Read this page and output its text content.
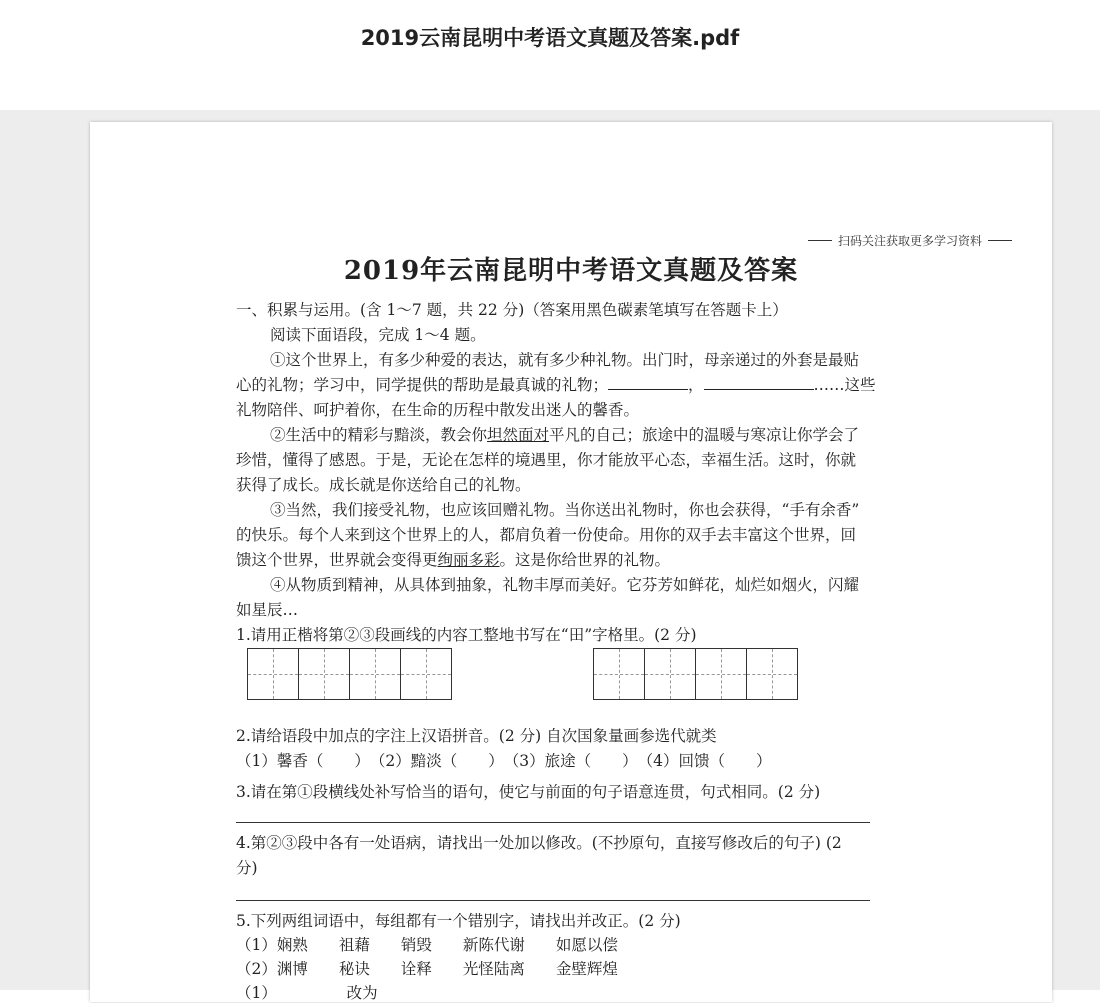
2019云南昆明中考语文真题及答案.pdf
扫码关注获取更多学习资料
2019年云南昆明中考语文真题及答案
一、积累与运用。(含 1～7 题，共 22 分)（答案用黑色碳素笔填写在答题卡上）
阅读下面语段，完成 1～4 题。
①这个世界上，有多少种爱的表达，就有多少种礼物。出门时，母亲递过的外套是最贴
心的礼物；学习中，同学提供的帮助是最真诚的礼物；	，	……这些
礼物陪伴、呵护着你，在生命的历程中散发出迷人的馨香。
②生活中的精彩与黯淡，教会你坦然面对平凡的自己；旅途中的温暖与寒凉让你学会了
珍惜，懂得了感恩。于是，无论在怎样的境遇里，你才能放平心态，幸福生活。这时，你就
获得了成长。成长就是你送给自己的礼物。
③当然，我们接受礼物，也应该回赠礼物。当你送出礼物时，你也会获得，“手有余香”
的快乐。每个人来到这个世界上的人，都肩负着一份使命。用你的双手去丰富这个世界，回
馈这个世界，世界就会变得更绚丽多彩。这是你给世界的礼物。
④从物质到精神，从具体到抽象，礼物丰厚而美好。它芬芳如鲜花，灿烂如烟火，闪耀
如星辰…
1.请用正楷将第②③段画线的内容工整地书写在“田”字格里。(2 分)
2.请给语段中加点的字注上汉语拼音。(2 分) 自次国象量画参选代就类
（1）馨香（　　）　（2）黯淡（　　）　（3）旅途（　　）　（4）回馈（　　）
3.请在第①段横线处补写恰当的语句，使它与前面的句子语意连贯，句式相同。(2 分)
4.第②③段中各有一处语病，请找出一处加以修改。(不抄原句，直接写修改后的句子) (2
分)
5.下列两组词语中，每组都有一个错别字，请找出并改正。(2 分)
（1）娴熟　　祖藉　　销毁　　新陈代谢　　如愿以偿
（2）渊博　　秘诀　　诠释　　光怪陆离　　金壁辉煌
（1）　　　　　改为
